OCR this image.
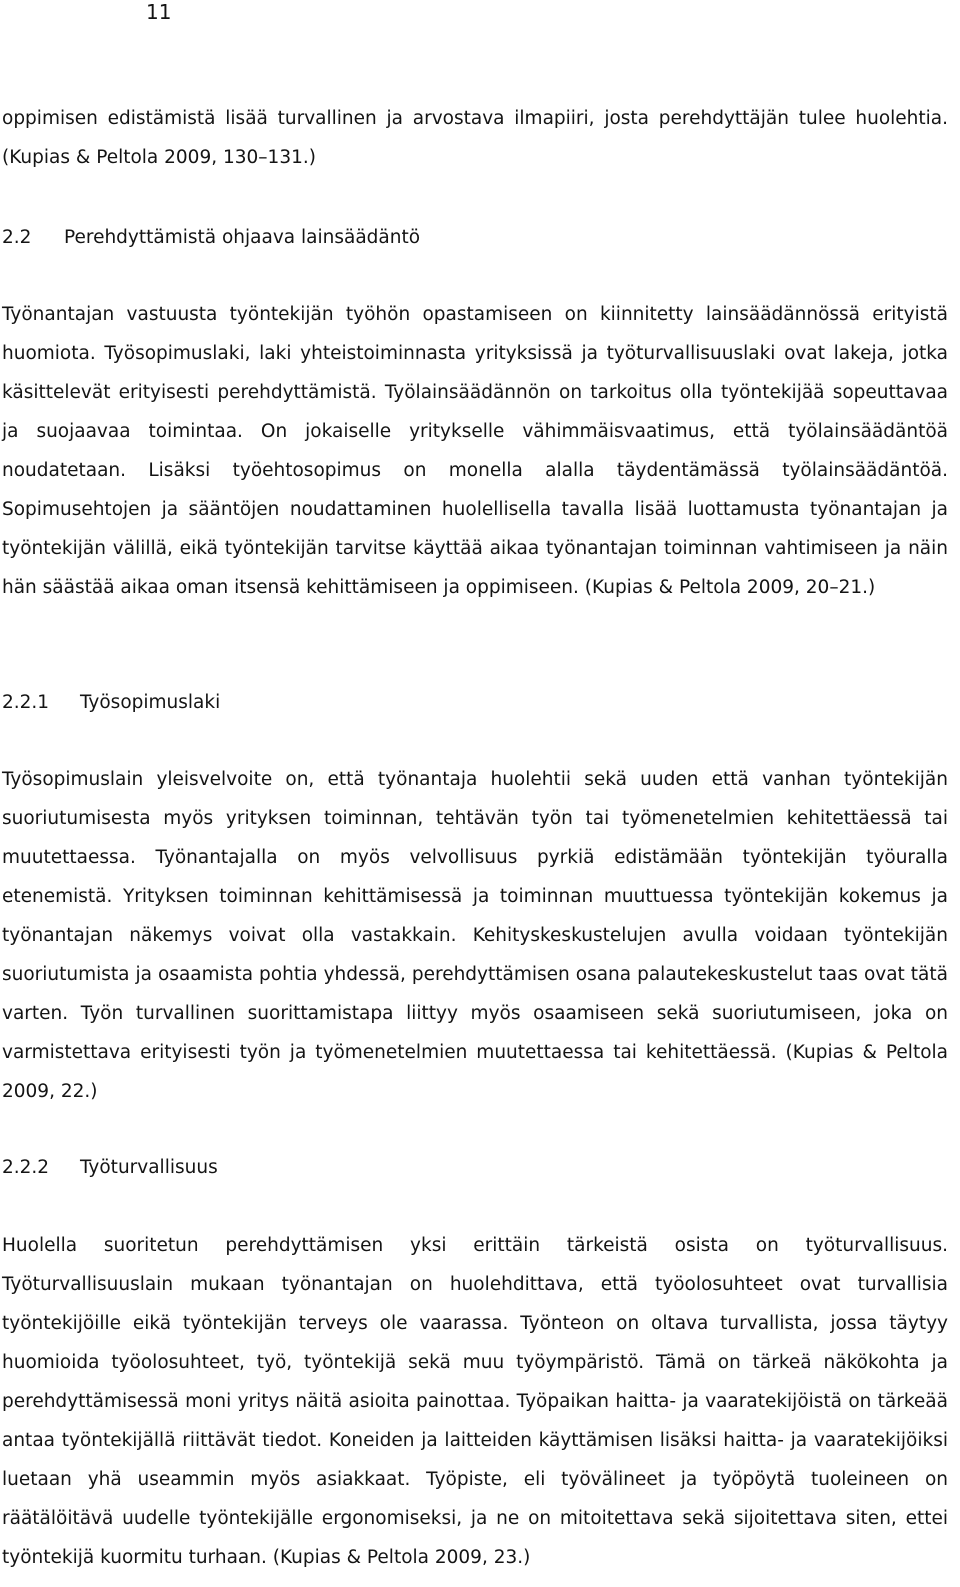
11

oppimisen edistämistä lisää turvallinen ja arvostava ilmapiiri, josta perehdyttäjän tulee huolehtia. (Kupias & Peltola 2009, 130–131.)

2.2 Perehdyttämistä ohjaava lainsäädäntö

Työnantajan vastuusta työntekijän työhön opastamiseen on kiinnitetty lainsäädännössä erityistä huomiota. Työsopimuslaki, laki yhteistoiminnasta yrityksissä ja työturvallisuuslaki ovat lakeja, jotka käsittelevät erityisesti perehdyttämistä. Työlainsäädännön on tarkoitus olla työntekijää sopeuttavaa ja suojaavaa toimintaa. On jokaiselle yritykselle vähimmäisvaatimus, että työlainsäädäntöä noudatetaan. Lisäksi työehtosopimus on monella alalla täydentämässä työlainsäädäntöä. Sopimusehtojen ja sääntöjen noudattaminen huolellisella tavalla lisää luottamusta työnantajan ja työntekijän välillä, eikä työntekijän tarvitse käyttää aikaa työnantajan toiminnan vahtimiseen ja näin hän säästää aikaa oman itsensä kehittämiseen ja oppimiseen. (Kupias & Peltola 2009, 20–21.)

2.2.1 Työsopimuslaki

Työsopimuslain yleisvelvoite on, että työnantaja huolehtii sekä uuden että vanhan työntekijän suoriutumisesta myös yrityksen toiminnan, tehtävän työn tai työmenetelmien kehitettäessä tai muutettaessa. Työnantajalla on myös velvollisuus pyrkiä edistämään työntekijän työuralla etenemistä. Yrityksen toiminnan kehittämisessä ja toiminnan muuttuessa työntekijän kokemus ja työnantajan näkemys voivat olla vastakkain. Kehityskeskustelujen avulla voidaan työntekijän suoriutumista ja osaamista pohtia yhdessä, perehdyttämisen osana palautekeskustelut taas ovat tätä varten. Työn turvallinen suorittamistapa liittyy myös osaamiseen sekä suoriutumiseen, joka on varmistettava erityisesti työn ja työmenetelmien muutettaessa tai kehitettäessä. (Kupias & Peltola 2009, 22.)

2.2.2 Työturvallisuus

Huolella suoritetun perehdyttämisen yksi erittäin tärkeistä osista on työturvallisuus. Työturvallisuuslain mukaan työnantajan on huolehdittava, että työolosuhteet ovat turvallisia työntekijöille eikä työntekijän terveys ole vaarassa. Työnteon on oltava turvallista, jossa täytyy huomioida työolosuhteet, työ, työntekijä sekä muu työympäristö. Tämä on tärkeä näkökohta ja perehdyttämisessä moni yritys näitä asioita painottaa. Työpaikan haitta- ja vaaratekijöistä on tärkeää antaa työntekijällä riittävät tiedot. Koneiden ja laitteiden käyttämisen lisäksi haitta- ja vaaratekijöiksi luetaan yhä useammin myös asiakkaat. Työpiste, eli työvälineet ja työpöytä tuoleineen on räätälöitävä uudelle työntekijälle ergonomiseksi, ja ne on mitoitettava sekä sijoitettava siten, ettei työntekijä kuormitu turhaan. (Kupias & Peltola 2009, 23.)
